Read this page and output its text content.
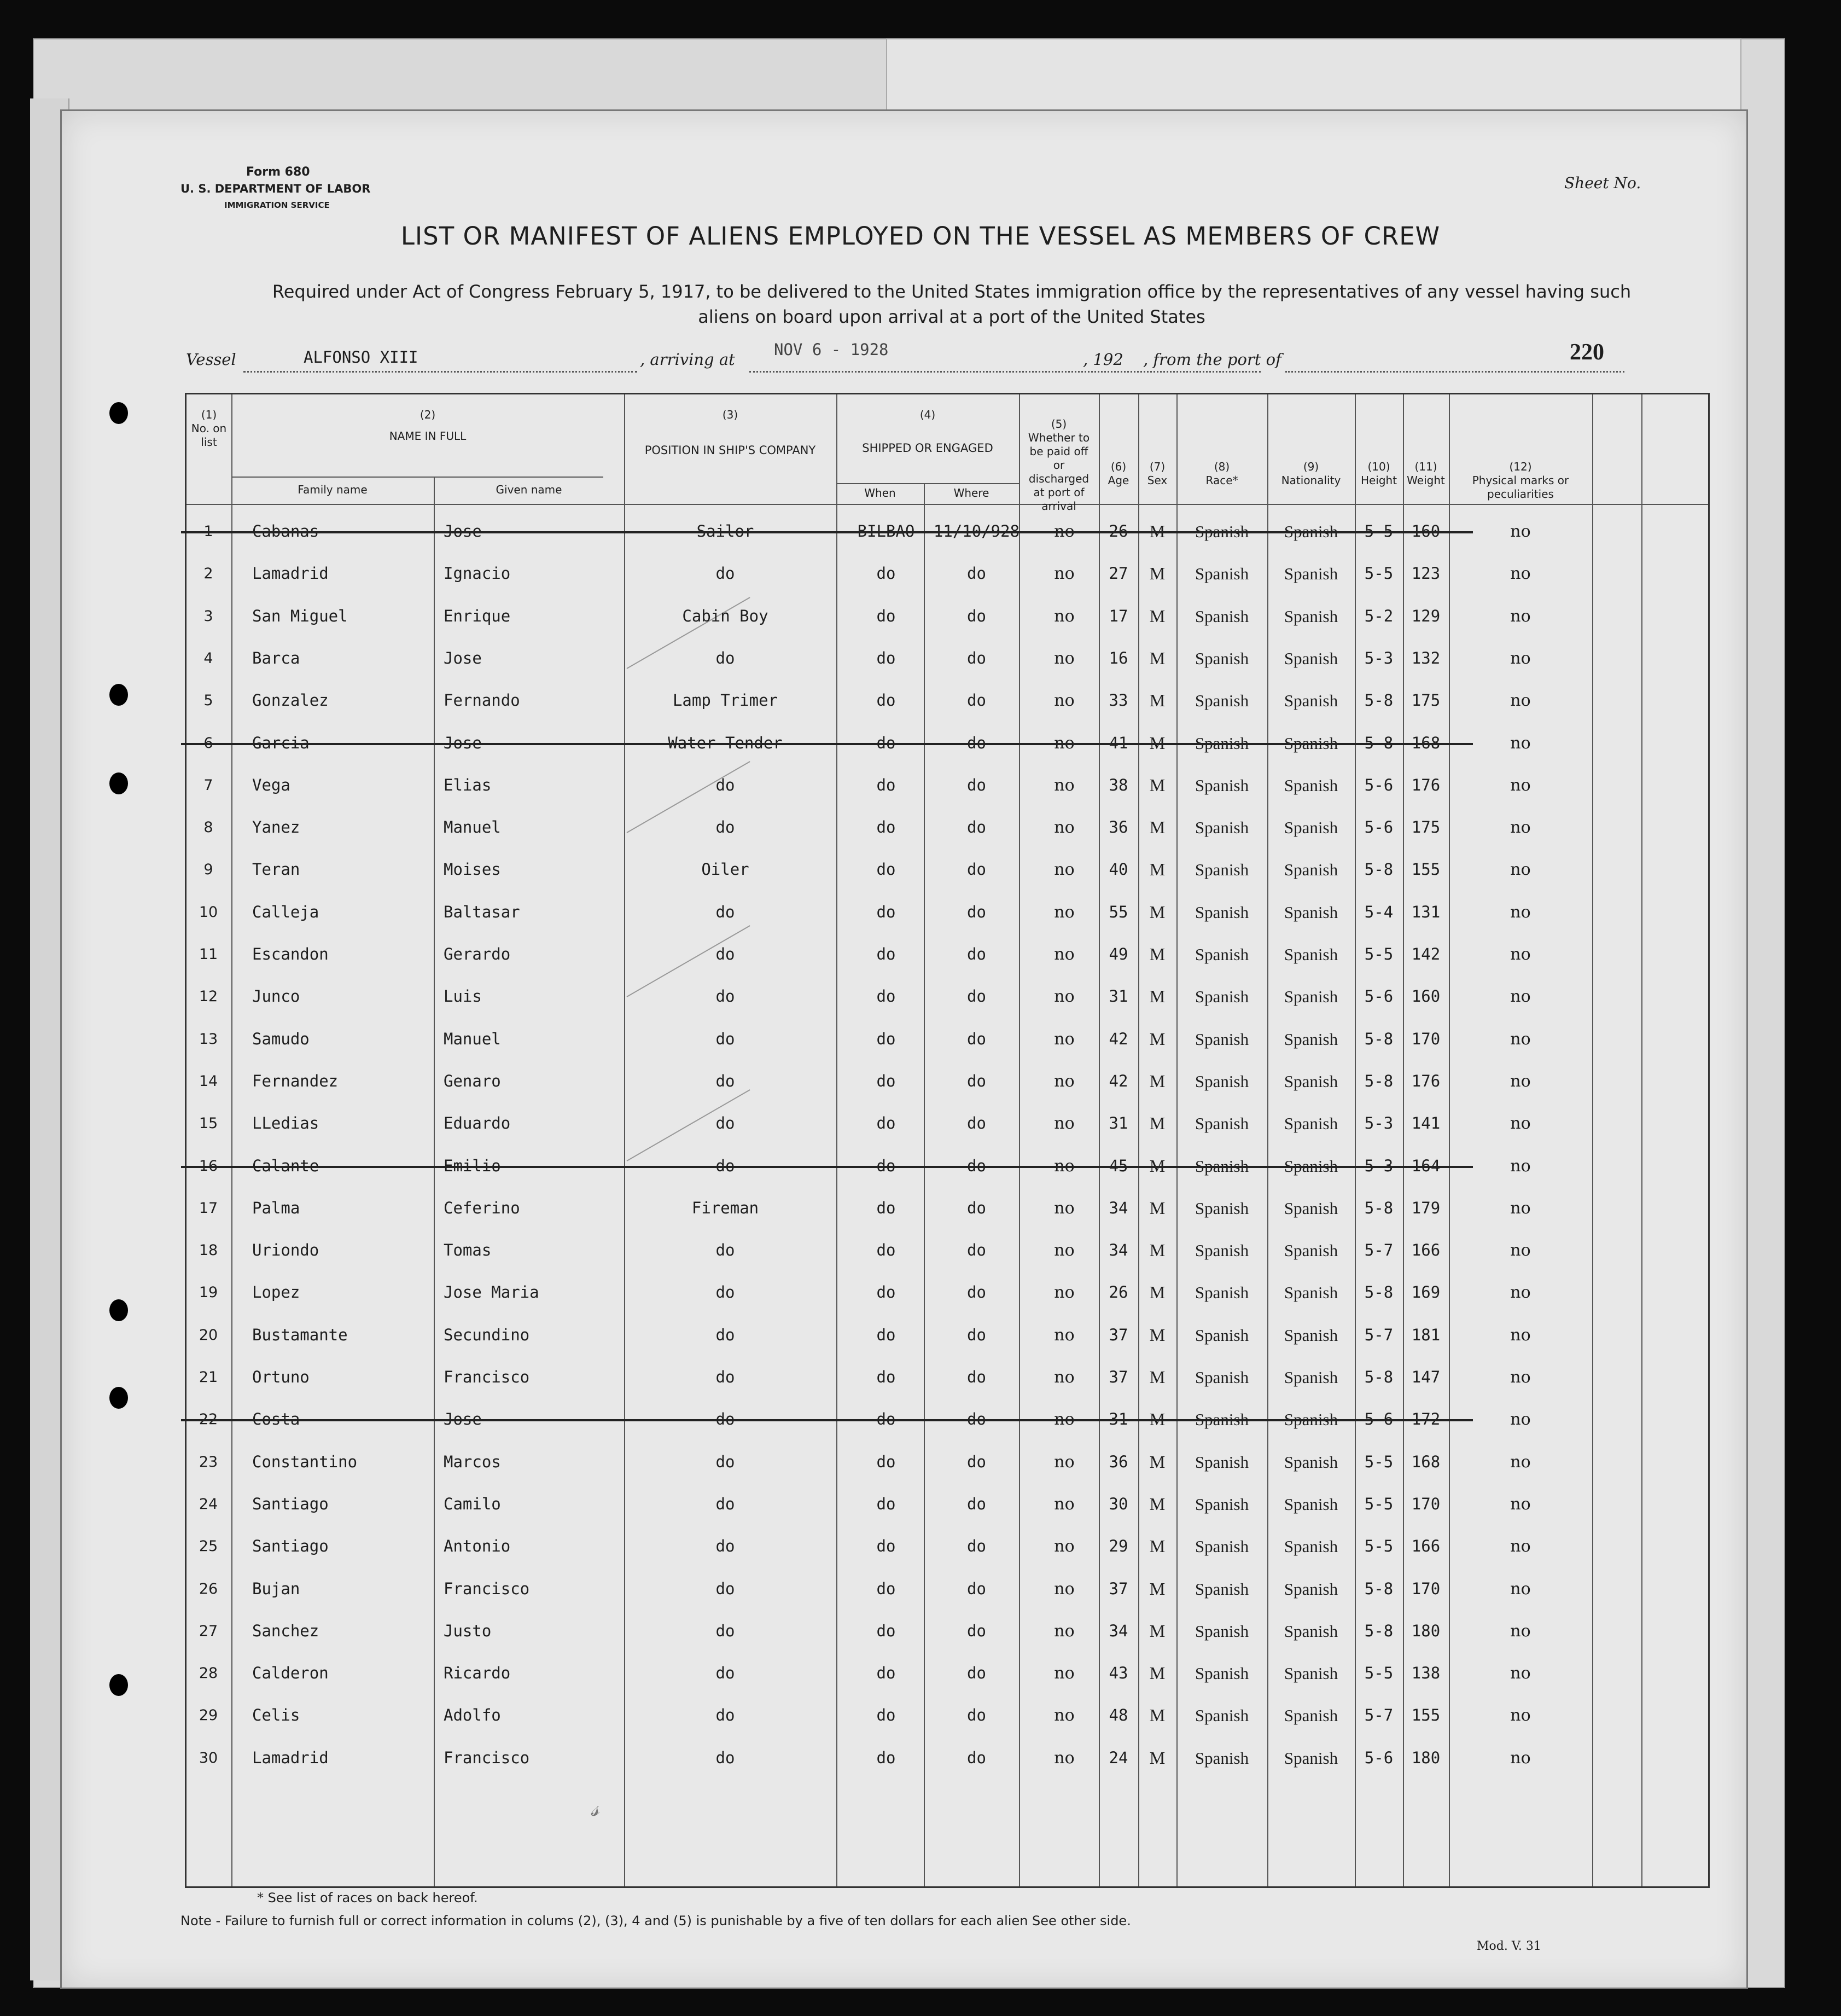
Form 680
U. S. DEPARTMENT OF LABOR
IMMIGRATION SERVICE
Sheet No.
LIST OR MANIFEST OF ALIENS EMPLOYED ON THE VESSEL AS MEMBERS OF CREW
Required under Act of Congress February 5, 1917, to be delivered to the United States immigration office by the representatives of any vessel having such aliens on board upon arrival at a port of the United States
Vessel	ALFONSO XIII	, arriving at
NOV 6 - 1928
, 192 , from the port of	220
(1)
No. on list
(2)
NAME IN FULL
Family name	Given name
(3)
POSITION IN SHIP'S COMPANY
(4)
SHIPPED OR ENGAGED
When	Where
(5)
Whether to be paid off or discharged at port of arrival
(6)
Age
(7)
Sex
(8)
Race*
(9)
Nationality
(10)
Height
(11)
Weight
(12)
Physical marks or peculiarities
1	Cabanas	Jose	Sailor	BILBAO	11/10/928	no	26	M	Spanish	Spanish	5-5	160	no
2	Lamadrid	Ignacio	do	do	do	no	27	M	Spanish	Spanish	5-5	123	no
3	San Miguel	Enrique	Cabin Boy	do	do	no	17	M	Spanish	Spanish	5-2	129	no
4	Barca	Jose	do	do	do	no	16	M	Spanish	Spanish	5-3	132	no
5	Gonzalez	Fernando	Lamp Trimer	do	do	no	33	M	Spanish	Spanish	5-8	175	no
6	Garcia	Jose	Water Tender	do	do	no	41	M	Spanish	Spanish	5-8	168	no
7	Vega	Elias	do	do	do	no	38	M	Spanish	Spanish	5-6	176	no
8	Yanez	Manuel	do	do	do	no	36	M	Spanish	Spanish	5-6	175	no
9	Teran	Moises	Oiler	do	do	no	40	M	Spanish	Spanish	5-8	155	no
10	Calleja	Baltasar	do	do	do	no	55	M	Spanish	Spanish	5-4	131	no
11	Escandon	Gerardo	do	do	do	no	49	M	Spanish	Spanish	5-5	142	no
12	Junco	Luis	do	do	do	no	31	M	Spanish	Spanish	5-6	160	no
13	Samudo	Manuel	do	do	do	no	42	M	Spanish	Spanish	5-8	170	no
14	Fernandez	Genaro	do	do	do	no	42	M	Spanish	Spanish	5-8	176	no
15	LLedias	Eduardo	do	do	do	no	31	M	Spanish	Spanish	5-3	141	no
16	Calante	Emilio	do	do	do	no	45	M	Spanish	Spanish	5-3	164	no
17	Palma	Ceferino	Fireman	do	do	no	34	M	Spanish	Spanish	5-8	179	no
18	Uriondo	Tomas	do	do	do	no	34	M	Spanish	Spanish	5-7	166	no
19	Lopez	Jose Maria	do	do	do	no	26	M	Spanish	Spanish	5-8	169	no
20	Bustamante	Secundino	do	do	do	no	37	M	Spanish	Spanish	5-7	181	no
21	Ortuno	Francisco	do	do	do	no	37	M	Spanish	Spanish	5-8	147	no
22	Costa	Jose	do	do	do	no	31	M	Spanish	Spanish	5-6	172	no
23	Constantino	Marcos	do	do	do	no	36	M	Spanish	Spanish	5-5	168	no
24	Santiago	Camilo	do	do	do	no	30	M	Spanish	Spanish	5-5	170	no
25	Santiago	Antonio	do	do	do	no	29	M	Spanish	Spanish	5-5	166	no
26	Bujan	Francisco	do	do	do	no	37	M	Spanish	Spanish	5-8	170	no
27	Sanchez	Justo	do	do	do	no	34	M	Spanish	Spanish	5-8	180	no
28	Calderon	Ricardo	do	do	do	no	43	M	Spanish	Spanish	5-5	138	no
29	Celis	Adolfo	do	do	do	no	48	M	Spanish	Spanish	5-7	155	no
30	Lamadrid	Francisco	do	do	do	no	24	M	Spanish	Spanish	5-6	180	no
𝓈
* See list of races on back hereof.
Note - Failure to furnish full or correct information in colums (2), (3), 4 and (5) is punishable by a five of ten dollars for each alien See other side.
Mod. V. 31
